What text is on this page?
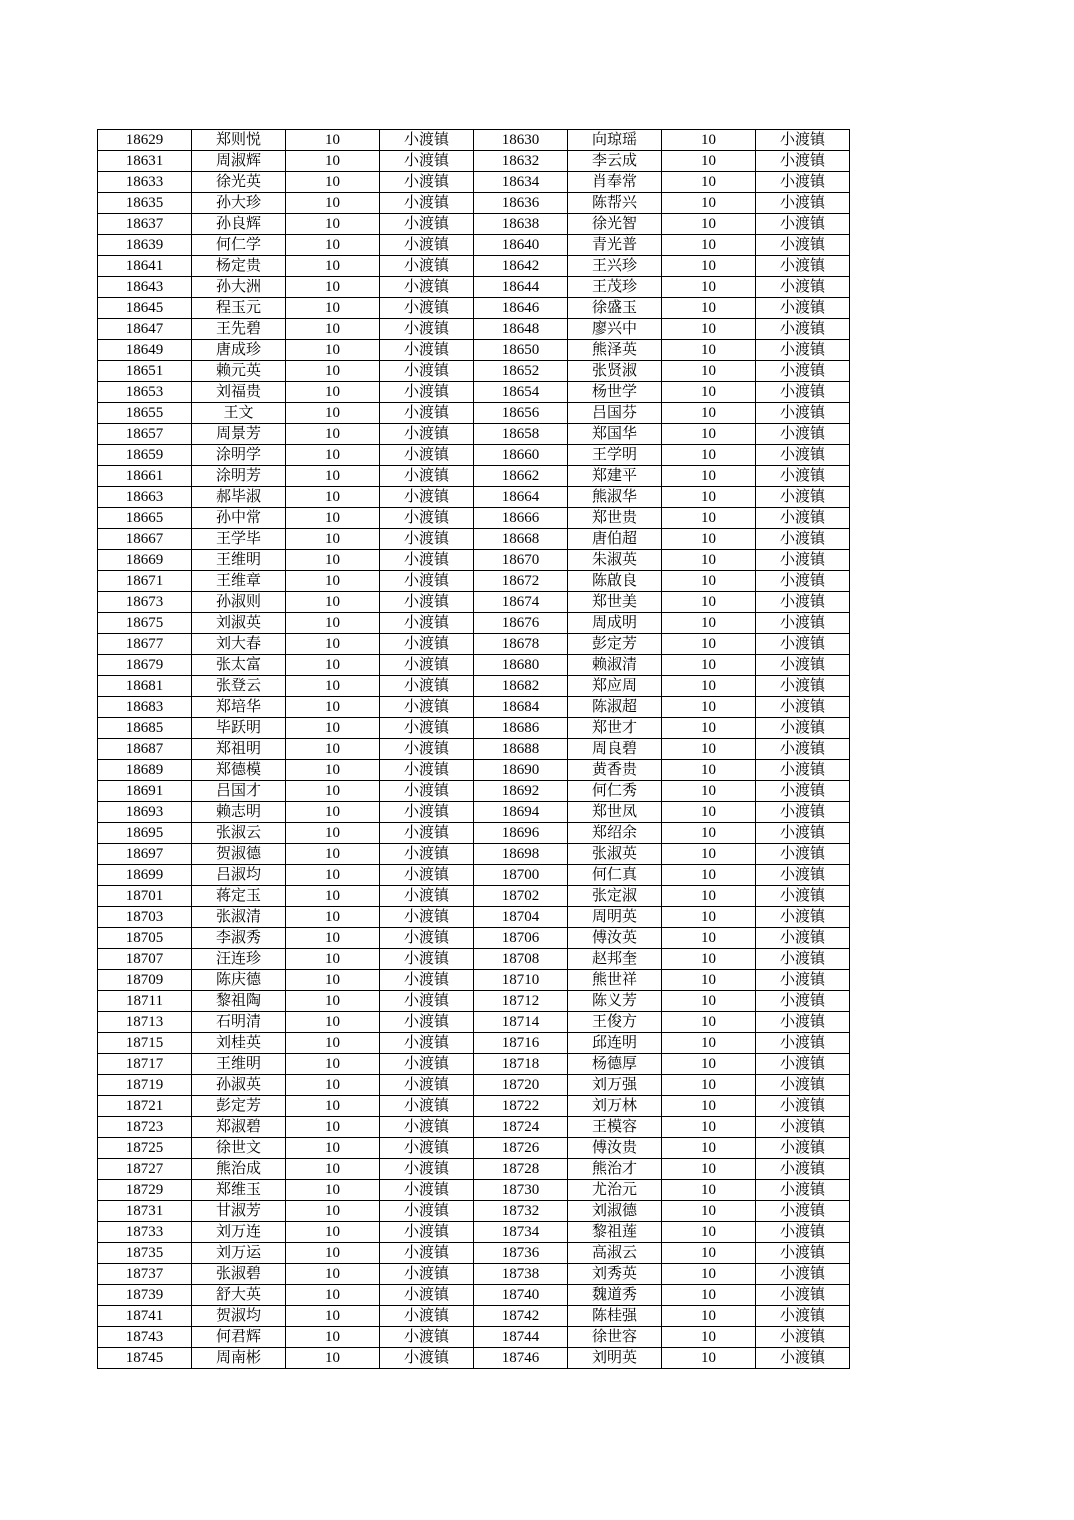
18629	郑则悦	10	小渡镇	18630	向琼瑶	10	小渡镇
18631	周淑辉	10	小渡镇	18632	李云成	10	小渡镇
18633	徐光英	10	小渡镇	18634	肖奉常	10	小渡镇
18635	孙大珍	10	小渡镇	18636	陈帮兴	10	小渡镇
18637	孙良辉	10	小渡镇	18638	徐光智	10	小渡镇
18639	何仁学	10	小渡镇	18640	青光普	10	小渡镇
18641	杨定贵	10	小渡镇	18642	王兴珍	10	小渡镇
18643	孙大洲	10	小渡镇	18644	王茂珍	10	小渡镇
18645	程玉元	10	小渡镇	18646	徐盛玉	10	小渡镇
18647	王先碧	10	小渡镇	18648	廖兴中	10	小渡镇
18649	唐成珍	10	小渡镇	18650	熊泽英	10	小渡镇
18651	赖元英	10	小渡镇	18652	张贤淑	10	小渡镇
18653	刘福贵	10	小渡镇	18654	杨世学	10	小渡镇
18655	王文	10	小渡镇	18656	吕国芬	10	小渡镇
18657	周景芳	10	小渡镇	18658	郑国华	10	小渡镇
18659	涂明学	10	小渡镇	18660	王学明	10	小渡镇
18661	涂明芳	10	小渡镇	18662	郑建平	10	小渡镇
18663	郝毕淑	10	小渡镇	18664	熊淑华	10	小渡镇
18665	孙中常	10	小渡镇	18666	郑世贵	10	小渡镇
18667	王学毕	10	小渡镇	18668	唐伯超	10	小渡镇
18669	王维明	10	小渡镇	18670	朱淑英	10	小渡镇
18671	王维章	10	小渡镇	18672	陈啟良	10	小渡镇
18673	孙淑则	10	小渡镇	18674	郑世美	10	小渡镇
18675	刘淑英	10	小渡镇	18676	周成明	10	小渡镇
18677	刘大春	10	小渡镇	18678	彭定芳	10	小渡镇
18679	张太富	10	小渡镇	18680	赖淑清	10	小渡镇
18681	张登云	10	小渡镇	18682	郑应周	10	小渡镇
18683	郑培华	10	小渡镇	18684	陈淑超	10	小渡镇
18685	毕跃明	10	小渡镇	18686	郑世才	10	小渡镇
18687	郑祖明	10	小渡镇	18688	周良碧	10	小渡镇
18689	郑德模	10	小渡镇	18690	黄香贵	10	小渡镇
18691	吕国才	10	小渡镇	18692	何仁秀	10	小渡镇
18693	赖志明	10	小渡镇	18694	郑世凤	10	小渡镇
18695	张淑云	10	小渡镇	18696	郑绍余	10	小渡镇
18697	贺淑德	10	小渡镇	18698	张淑英	10	小渡镇
18699	吕淑均	10	小渡镇	18700	何仁真	10	小渡镇
18701	蒋定玉	10	小渡镇	18702	张定淑	10	小渡镇
18703	张淑清	10	小渡镇	18704	周明英	10	小渡镇
18705	李淑秀	10	小渡镇	18706	傅汝英	10	小渡镇
18707	汪连珍	10	小渡镇	18708	赵邦奎	10	小渡镇
18709	陈庆德	10	小渡镇	18710	熊世祥	10	小渡镇
18711	黎祖陶	10	小渡镇	18712	陈义芳	10	小渡镇
18713	石明清	10	小渡镇	18714	王俊方	10	小渡镇
18715	刘桂英	10	小渡镇	18716	邱连明	10	小渡镇
18717	王维明	10	小渡镇	18718	杨德厚	10	小渡镇
18719	孙淑英	10	小渡镇	18720	刘万强	10	小渡镇
18721	彭定芳	10	小渡镇	18722	刘万林	10	小渡镇
18723	郑淑碧	10	小渡镇	18724	王模容	10	小渡镇
18725	徐世文	10	小渡镇	18726	傅汝贵	10	小渡镇
18727	熊治成	10	小渡镇	18728	熊治才	10	小渡镇
18729	郑维玉	10	小渡镇	18730	尤治元	10	小渡镇
18731	甘淑芳	10	小渡镇	18732	刘淑德	10	小渡镇
18733	刘万连	10	小渡镇	18734	黎祖莲	10	小渡镇
18735	刘万运	10	小渡镇	18736	高淑云	10	小渡镇
18737	张淑碧	10	小渡镇	18738	刘秀英	10	小渡镇
18739	舒大英	10	小渡镇	18740	魏道秀	10	小渡镇
18741	贺淑均	10	小渡镇	18742	陈桂强	10	小渡镇
18743	何君辉	10	小渡镇	18744	徐世容	10	小渡镇
18745	周南彬	10	小渡镇	18746	刘明英	10	小渡镇
